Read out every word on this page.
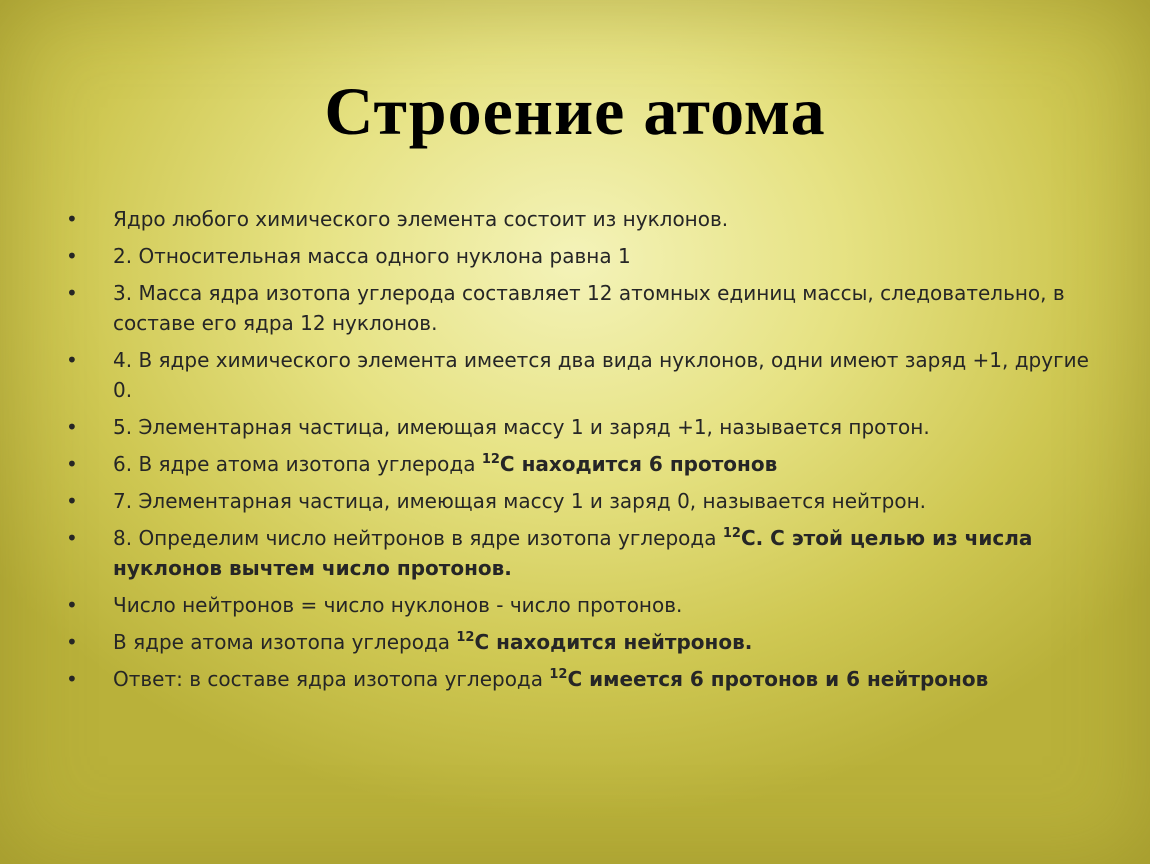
Строение атома
•	Ядро любого химического элемента состоит из нуклонов.
•	2. Относительная масса одного нуклона равна 1
•	3. Масса ядра изотопа углерода составляет 12 атомных единиц массы, следовательно, в составе его ядра 12 нуклонов.
•	4. В ядре химического элемента имеется два вида нуклонов, одни имеют заряд +1, другие 0.
•	5. Элементарная частица, имеющая массу 1 и заряд +1, называется протон.
•	6. В ядре атома изотопа углерода $^{12}$C находится 6 протонов
•	7. Элементарная частица, имеющая массу 1 и заряд 0, называется нейтрон.
•	8. Определим число нейтронов в ядре изотопа углерода $^{12}$C. С этой целью из числа нуклонов вычтем число протонов.
•	Число нейтронов = число нуклонов - число протонов.
•	В ядре атома изотопа углерода $^{12}$C находится нейтронов.
•	Ответ: в составе ядра изотопа углерода $^{12}$C имеется 6 протонов и 6 нейтронов
